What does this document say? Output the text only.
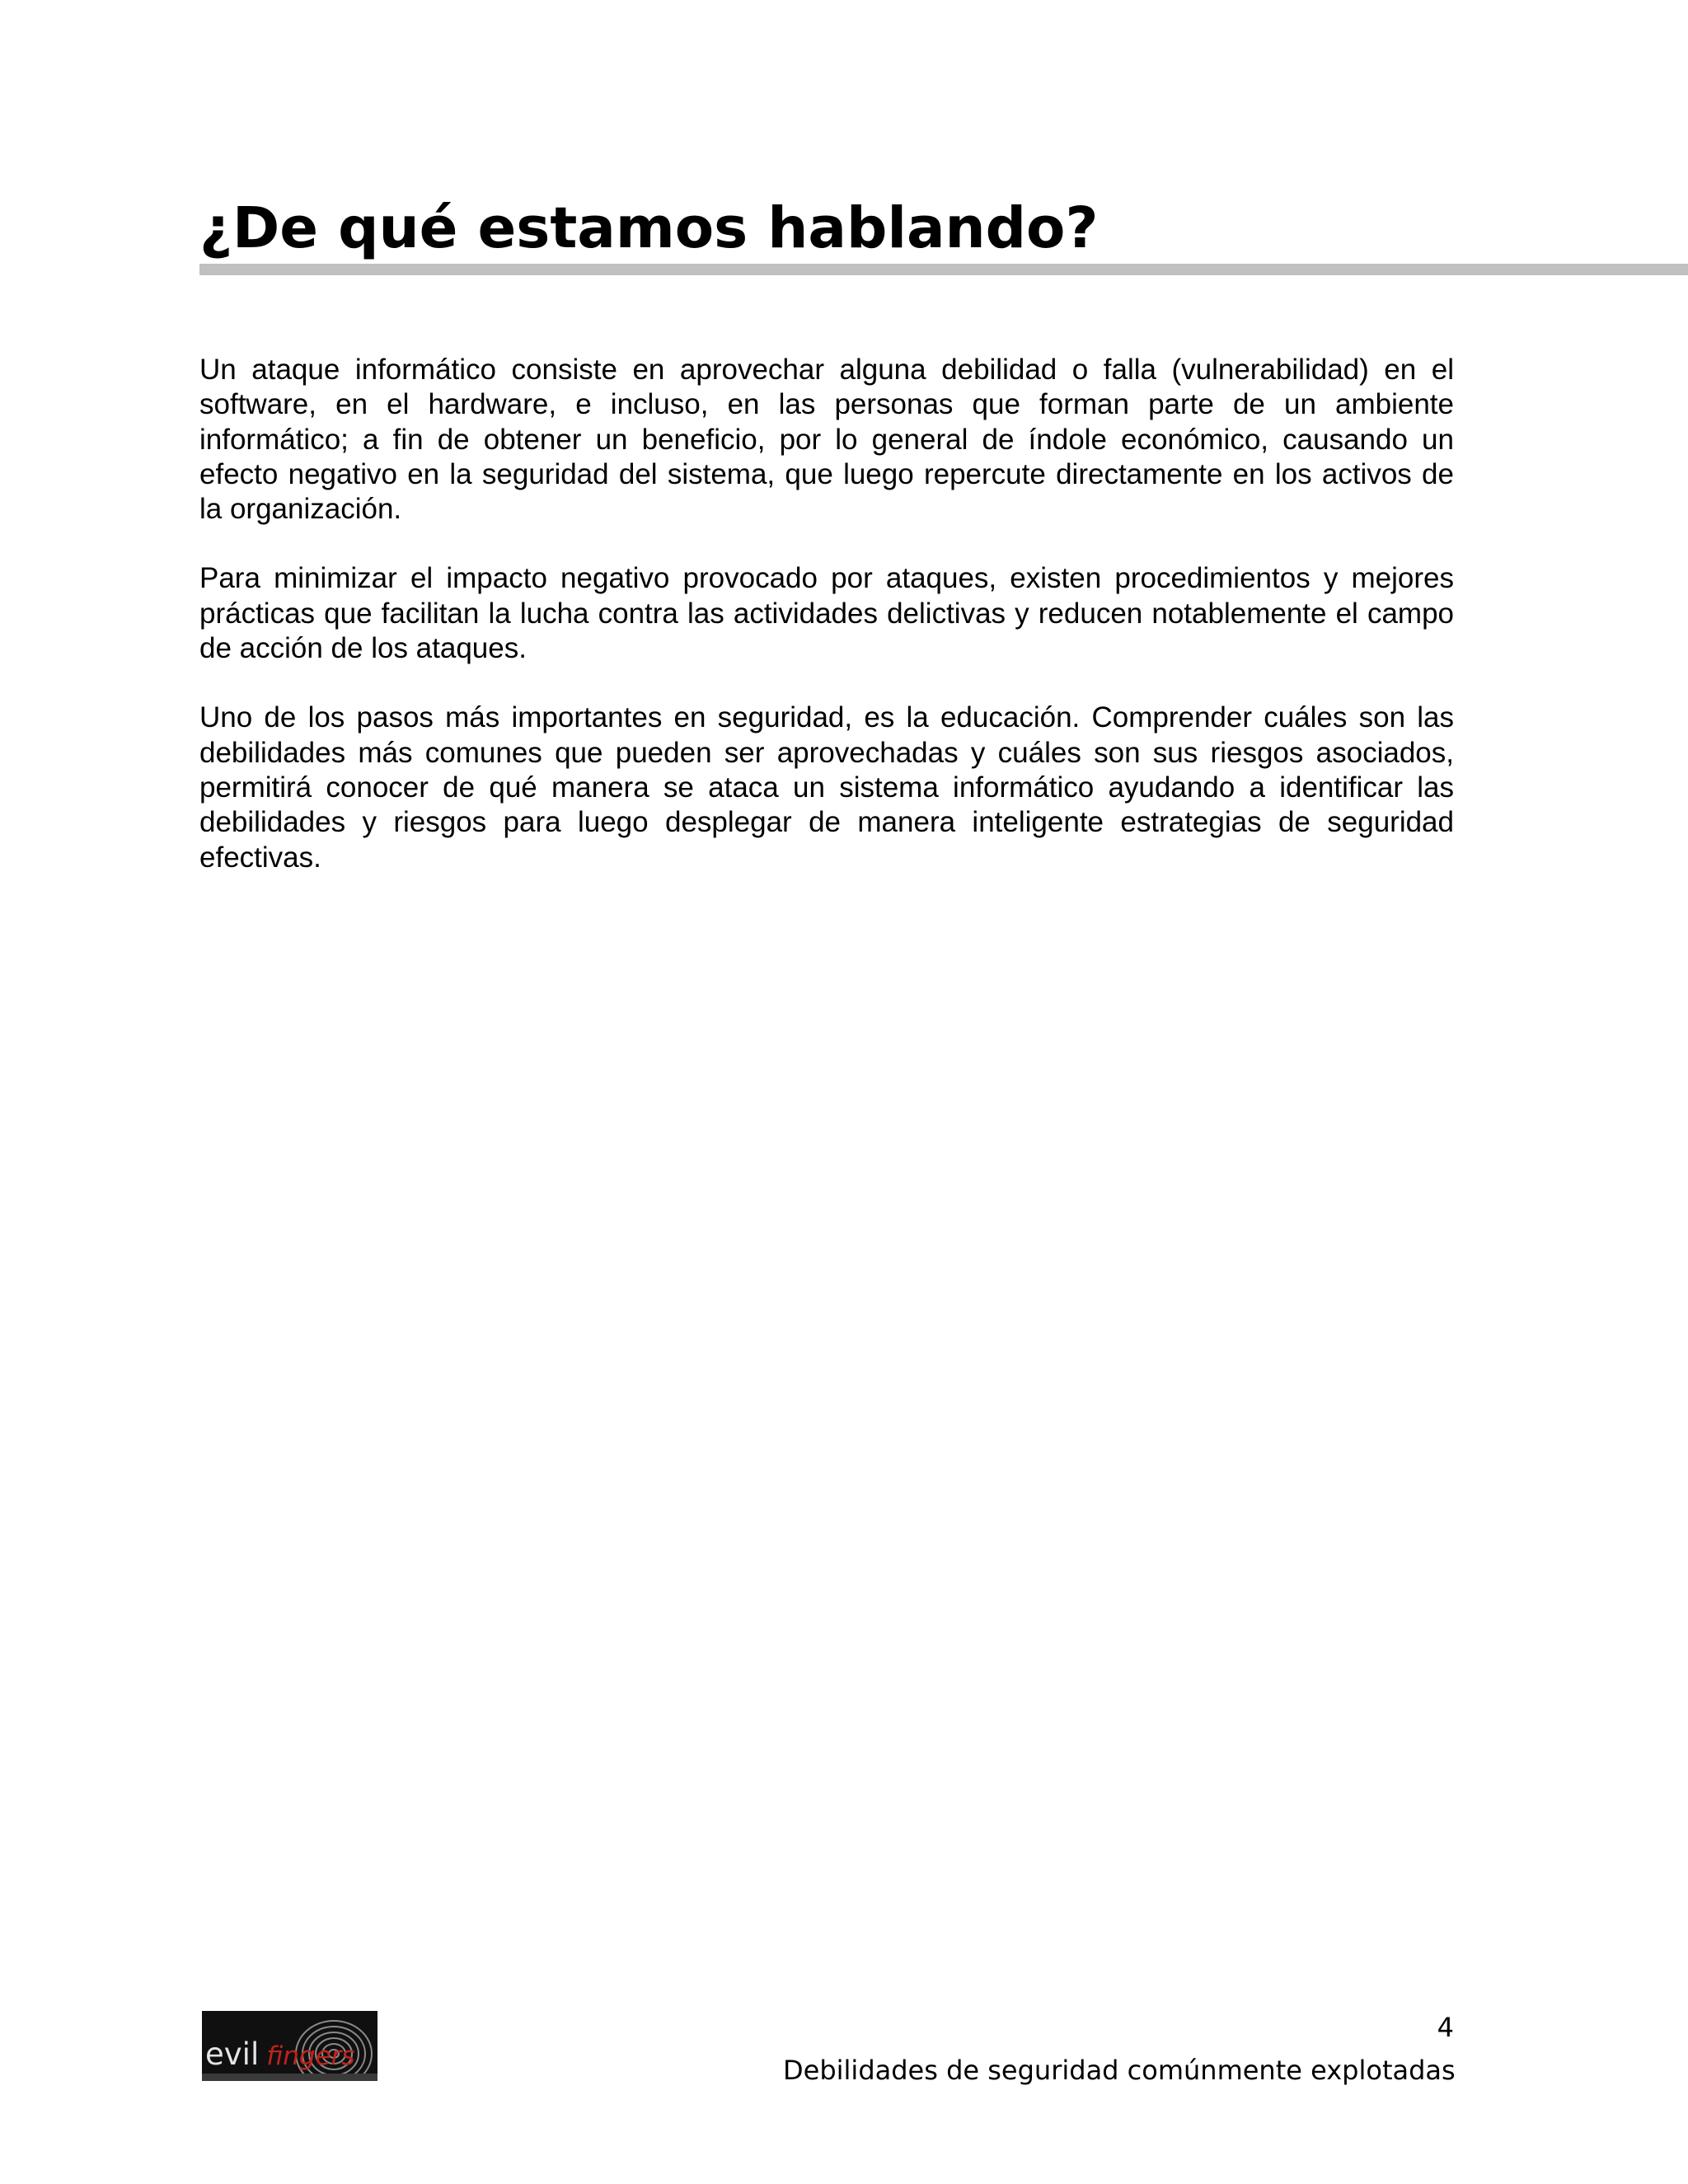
¿De qué estamos hablando?

Un ataque informático consiste en aprovechar alguna debilidad o falla (vulnerabilidad) en el software, en el hardware, e incluso, en las personas que forman parte de un ambiente informático; a fin de obtener un beneficio, por lo general de índole económico, causando un efecto negativo en la seguridad del sistema, que luego repercute directamente en los activos de la organización.

Para minimizar el impacto negativo provocado por ataques, existen procedimientos y mejores prácticas que facilitan la lucha contra las actividades delictivas y reducen notablemente el campo de acción de los ataques.

Uno de los pasos más importantes en seguridad, es la educación. Comprender cuáles son las debilidades más comunes que pueden ser aprovechadas y cuáles son sus riesgos asociados, permitirá conocer de qué manera se ataca un sistema informático ayudando a identificar las debilidades y riesgos para luego desplegar de manera inteligente estrategias de seguridad efectivas.

evil fingers
4
Debilidades de seguridad comúnmente explotadas
